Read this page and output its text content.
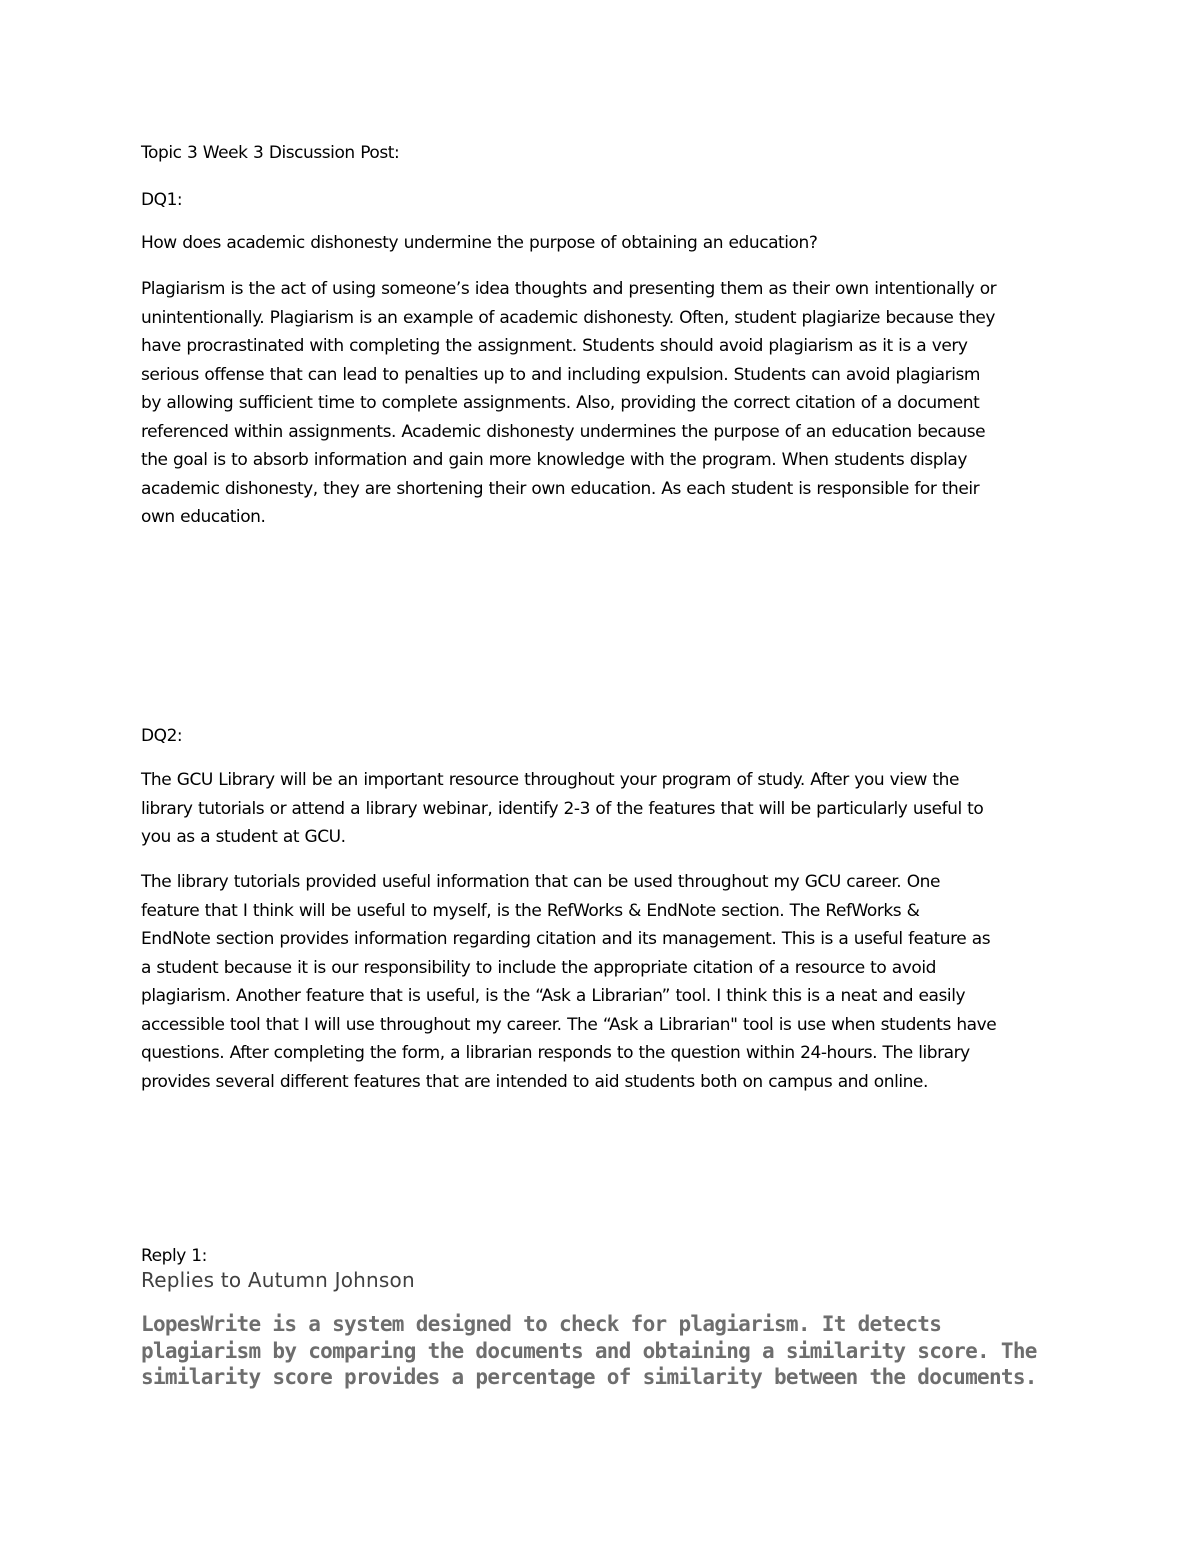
Topic 3 Week 3 Discussion Post:

DQ1:

How does academic dishonesty undermine the purpose of obtaining an education?

Plagiarism is the act of using someone’s idea thoughts and presenting them as their own intentionally or
unintentionally. Plagiarism is an example of academic dishonesty. Often, student plagiarize because they
have procrastinated with completing the assignment. Students should avoid plagiarism as it is a very
serious offense that can lead to penalties up to and including expulsion. Students can avoid plagiarism
by allowing sufficient time to complete assignments. Also, providing the correct citation of a document
referenced within assignments. Academic dishonesty undermines the purpose of an education because
the goal is to absorb information and gain more knowledge with the program. When students display
academic dishonesty, they are shortening their own education. As each student is responsible for their
own education.

DQ2:

The GCU Library will be an important resource throughout your program of study. After you view the
library tutorials or attend a library webinar, identify 2-3 of the features that will be particularly useful to
you as a student at GCU.
The library tutorials provided useful information that can be used throughout my GCU career. One
feature that I think will be useful to myself, is the RefWorks & EndNote section. The RefWorks &
EndNote section provides information regarding citation and its management. This is a useful feature as
a student because it is our responsibility to include the appropriate citation of a resource to avoid
plagiarism. Another feature that is useful, is the “Ask a Librarian” tool. I think this is a neat and easily
accessible tool that I will use throughout my career. The “Ask a Librarian" tool is use when students have
questions. After completing the form, a librarian responds to the question within 24-hours. The library
provides several different features that are intended to aid students both on campus and online.

Reply 1:

Replies to Autumn Johnson

LopesWrite is a system designed to check for plagiarism. It detects
plagiarism by comparing the documents and obtaining a similarity score. The
similarity score provides a percentage of similarity between the documents.
